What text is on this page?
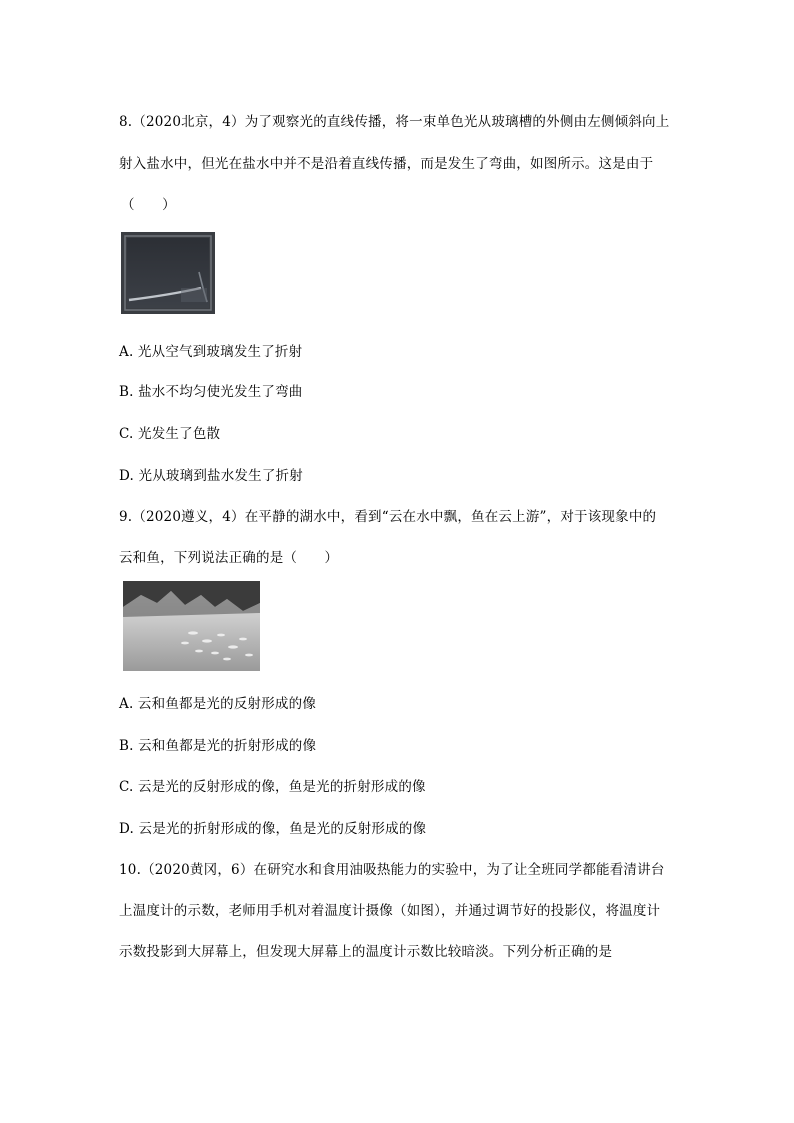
8.（2020北京，4）为了观察光的直线传播，将一束单色光从玻璃槽的外侧由左侧倾斜向上
射入盐水中，但光在盐水中并不是沿着直线传播，而是发生了弯曲，如图所示。这是由于
（　　）
A. 光从空气到玻璃发生了折射
B. 盐水不均匀使光发生了弯曲
C. 光发生了色散
D. 光从玻璃到盐水发生了折射
9.（2020遵义，4）在平静的湖水中，看到“云在水中飘，鱼在云上游”，对于该现象中的
云和鱼，下列说法正确的是（　　）
A. 云和鱼都是光的反射形成的像
B. 云和鱼都是光的折射形成的像
C. 云是光的反射形成的像，鱼是光的折射形成的像
D. 云是光的折射形成的像，鱼是光的反射形成的像
10.（2020黄冈，6）在研究水和食用油吸热能力的实验中，为了让全班同学都能看清讲台
上温度计的示数，老师用手机对着温度计摄像（如图），并通过调节好的投影仪，将温度计
示数投影到大屏幕上，但发现大屏幕上的温度计示数比较暗淡。下列分析正确的是
